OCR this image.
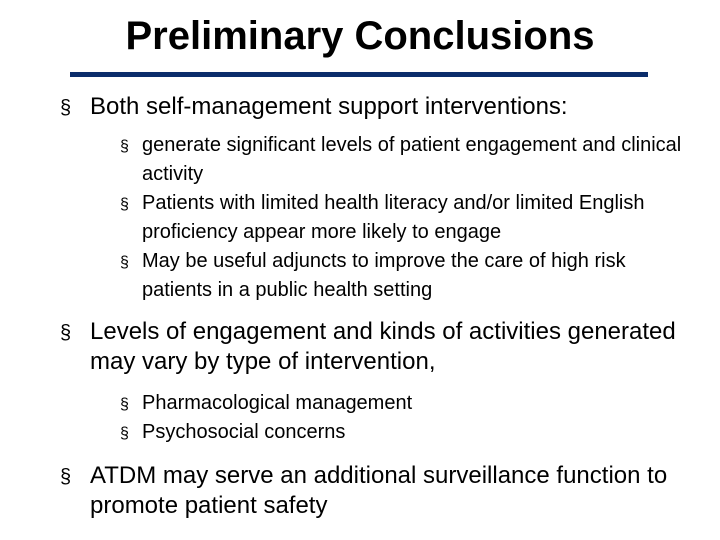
Preliminary Conclusions
§ Both self-management support interventions:
§ generate significant levels of patient engagement and clinical activity
§ Patients with limited health literacy and/or limited English proficiency appear more likely to engage
§ May be useful adjuncts to improve the care of high risk patients in a public health setting
§ Levels of engagement and kinds of activities generated may vary by type of intervention,
§ Pharmacological management
§ Psychosocial concerns
§ ATDM may serve an additional surveillance function to promote patient safety
